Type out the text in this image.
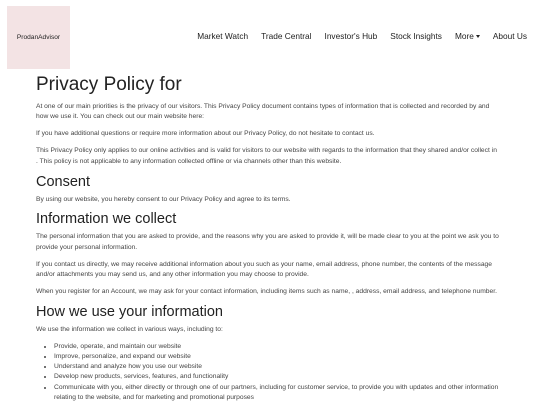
ProdanAdvisor	Market Watch Trade Central Investor's Hub Stock Insights More	About Us
Privacy Policy for

At one of our main priorities is the privacy of our visitors. This Privacy Policy document contains types of information that is collected and recorded by and how we use it. You can check out our main website here:

If you have additional questions or require more information about our Privacy Policy, do not hesitate to contact us.

This Privacy Policy only applies to our online activities and is valid for visitors to our website with regards to the information that they shared and/or collect in . This policy is not applicable to any information collected offline or via channels other than this website.

Consent

By using our website, you hereby consent to our Privacy Policy and agree to its terms.

Information we collect

The personal information that you are asked to provide, and the reasons why you are asked to provide it, will be made clear to you at the point we ask you to provide your personal information.

If you contact us directly, we may receive additional information about you such as your name, email address, phone number, the contents of the message and/or attachments you may send us, and any other information you may choose to provide.

When you register for an Account, we may ask for your contact information, including items such as name, , address, email address, and telephone number.

How we use your information

We use the information we collect in various ways, including to:

• Provide, operate, and maintain our website
• Improve, personalize, and expand our website
• Understand and analyze how you use our website
• Develop new products, services, features, and functionality
• Communicate with you, either directly or through one of our partners, including for customer service, to provide you with updates and other information relating to the website, and for marketing and promotional purposes
